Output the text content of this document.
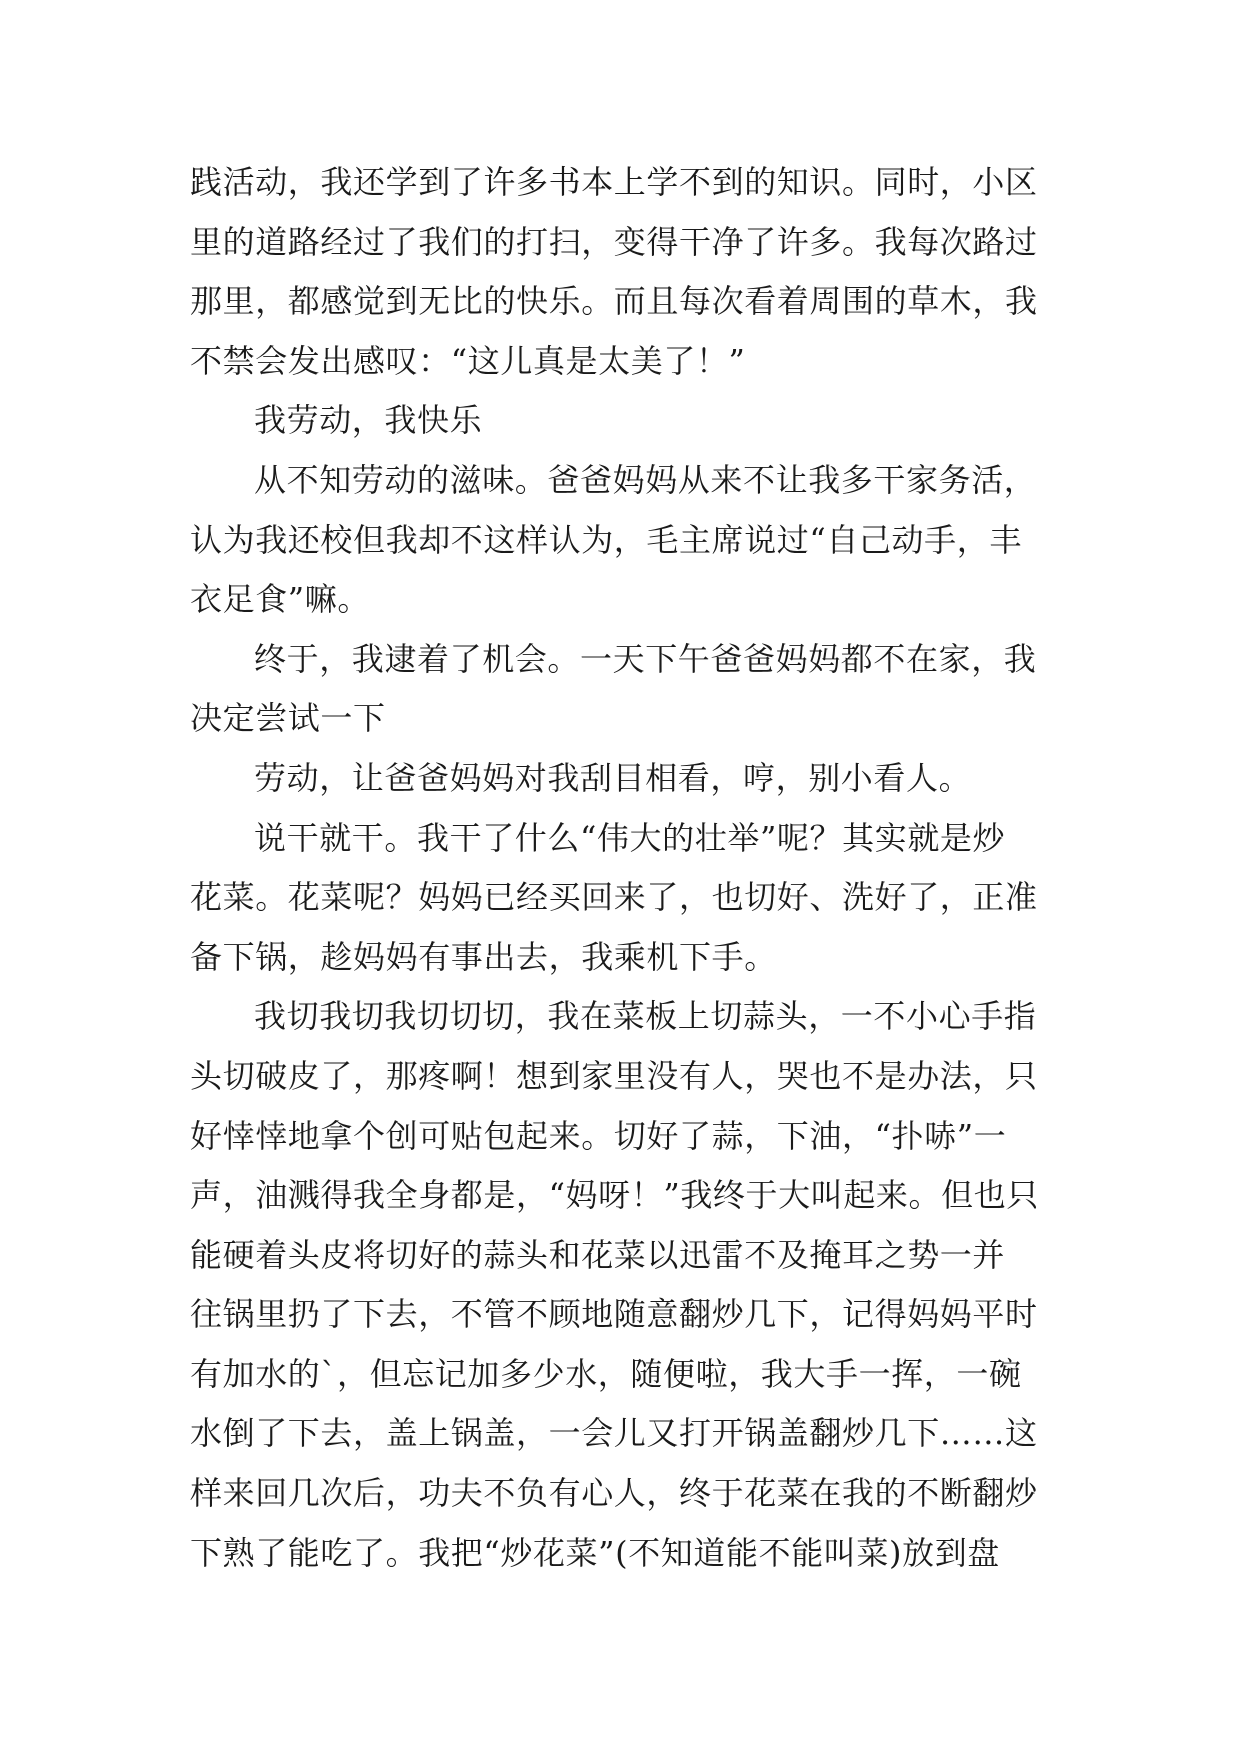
践活动，我还学到了许多书本上学不到的知识。同时，小区
里的道路经过了我们的打扫，变得干净了许多。我每次路过
那里，都感觉到无比的快乐。而且每次看着周围的草木，我
不禁会发出感叹：“这儿真是太美了！”
我劳动，我快乐
从不知劳动的滋味。爸爸妈妈从来不让我多干家务活，
认为我还校但我却不这样认为，毛主席说过“自己动手，丰
衣足食”嘛。
终于，我逮着了机会。一天下午爸爸妈妈都不在家，我
决定尝试一下
劳动，让爸爸妈妈对我刮目相看，哼，别小看人。
说干就干。我干了什么“伟大的壮举”呢？其实就是炒
花菜。花菜呢？妈妈已经买回来了，也切好、洗好了，正准
备下锅，趁妈妈有事出去，我乘机下手。
我切我切我切切切，我在菜板上切蒜头，一不小心手指
头切破皮了，那疼啊！想到家里没有人，哭也不是办法，只
好悻悻地拿个创可贴包起来。切好了蒜，下油，“扑哧”一
声，油溅得我全身都是，“妈呀！”我终于大叫起来。但也只
能硬着头皮将切好的蒜头和花菜以迅雷不及掩耳之势一并
往锅里扔了下去，不管不顾地随意翻炒几下，记得妈妈平时
有加水的`，但忘记加多少水，随便啦，我大手一挥，一碗
水倒了下去，盖上锅盖，一会儿又打开锅盖翻炒几下……这
样来回几次后，功夫不负有心人，终于花菜在我的不断翻炒
下熟了能吃了。我把“炒花菜”(不知道能不能叫菜)放到盘
